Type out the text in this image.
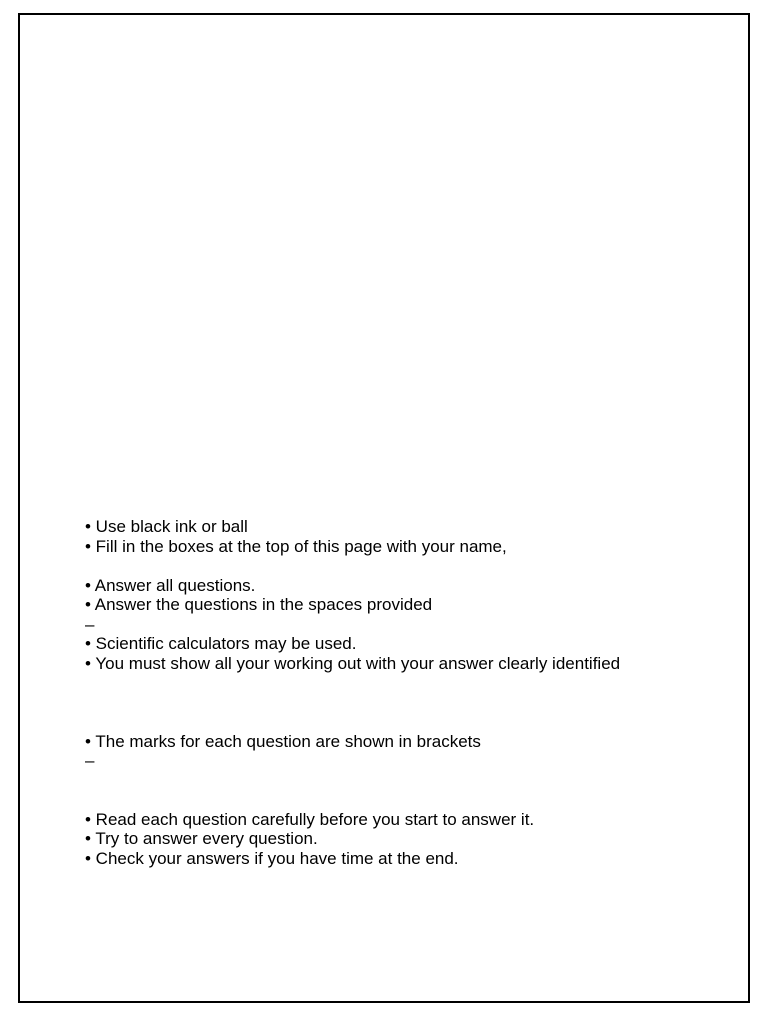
• Use black ink or ball
• Fill in the boxes at the top of this page with your name,
• Answer all questions.
• Answer the questions in the spaces provided
–
• Scientific calculators may be used.
• You must show all your working out with your answer clearly identified
• The marks for each question are shown in brackets
–
• Read each question carefully before you start to answer it.
• Try to answer every question.
• Check your answers if you have time at the end.
